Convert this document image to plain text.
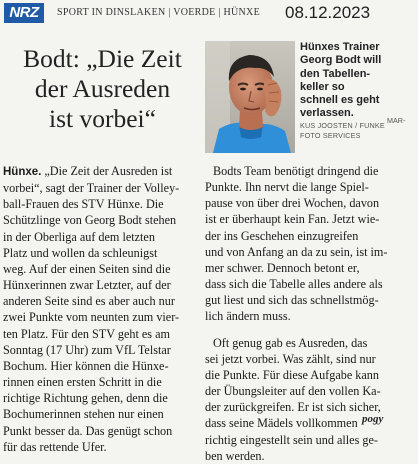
NRZ	SPORT IN DINSLAKEN | VOERDE | HÜNXE 08.12.2023
Bodt: „Die Zeit
der Ausreden
ist vorbei“
Hünxes Trainer
Georg Bodt will
den Tabellen-
keller so
schnell es geht
verlassen.
MAR-
KUS JOOSTEN / FUNKE
FOTO SERVICES
Hünxe. „Die Zeit der Ausreden ist
vorbei“, sagt der Trainer der Volley-
ball-Frauen des STV Hünxe. Die
Schützlinge von Georg Bodt stehen
in der Oberliga auf dem letzten
Platz und wollen da schleunigst
weg. Auf der einen Seiten sind die
Hünxerinnen zwar Letzter, auf der
anderen Seite sind es aber auch nur
zwei Punkte vom neunten zum vier-
ten Platz. Für den STV geht es am
Sonntag (17 Uhr) zum VfL Telstar
Bochum. Hier können die Hünxe-
rinnen einen ersten Schritt in die
richtige Richtung gehen, denn die
Bochumerinnen stehen nur einen
Punkt besser da. Das genügt schon
für das rettende Ufer.
Bodts Team benötigt dringend die
Punkte. Ihn nervt die lange Spiel-
pause von über drei Wochen, davon
ist er überhaupt kein Fan. Jetzt wie-
der ins Geschehen einzugreifen
und von Anfang an da zu sein, ist im-
mer schwer. Dennoch betont er,
dass sich die Tabelle alles andere als
gut liest und sich das schnellstmög-
lich ändern muss.
Oft genug gab es Ausreden, das
sei jetzt vorbei. Was zählt, sind nur
die Punkte. Für diese Aufgabe kann
der Übungsleiter auf den vollen Ka-
der zurückgreifen. Er ist sich sicher,
dass seine Mädels vollkommen
richtig eingestellt sein und alles ge-
ben werden.
pogy
